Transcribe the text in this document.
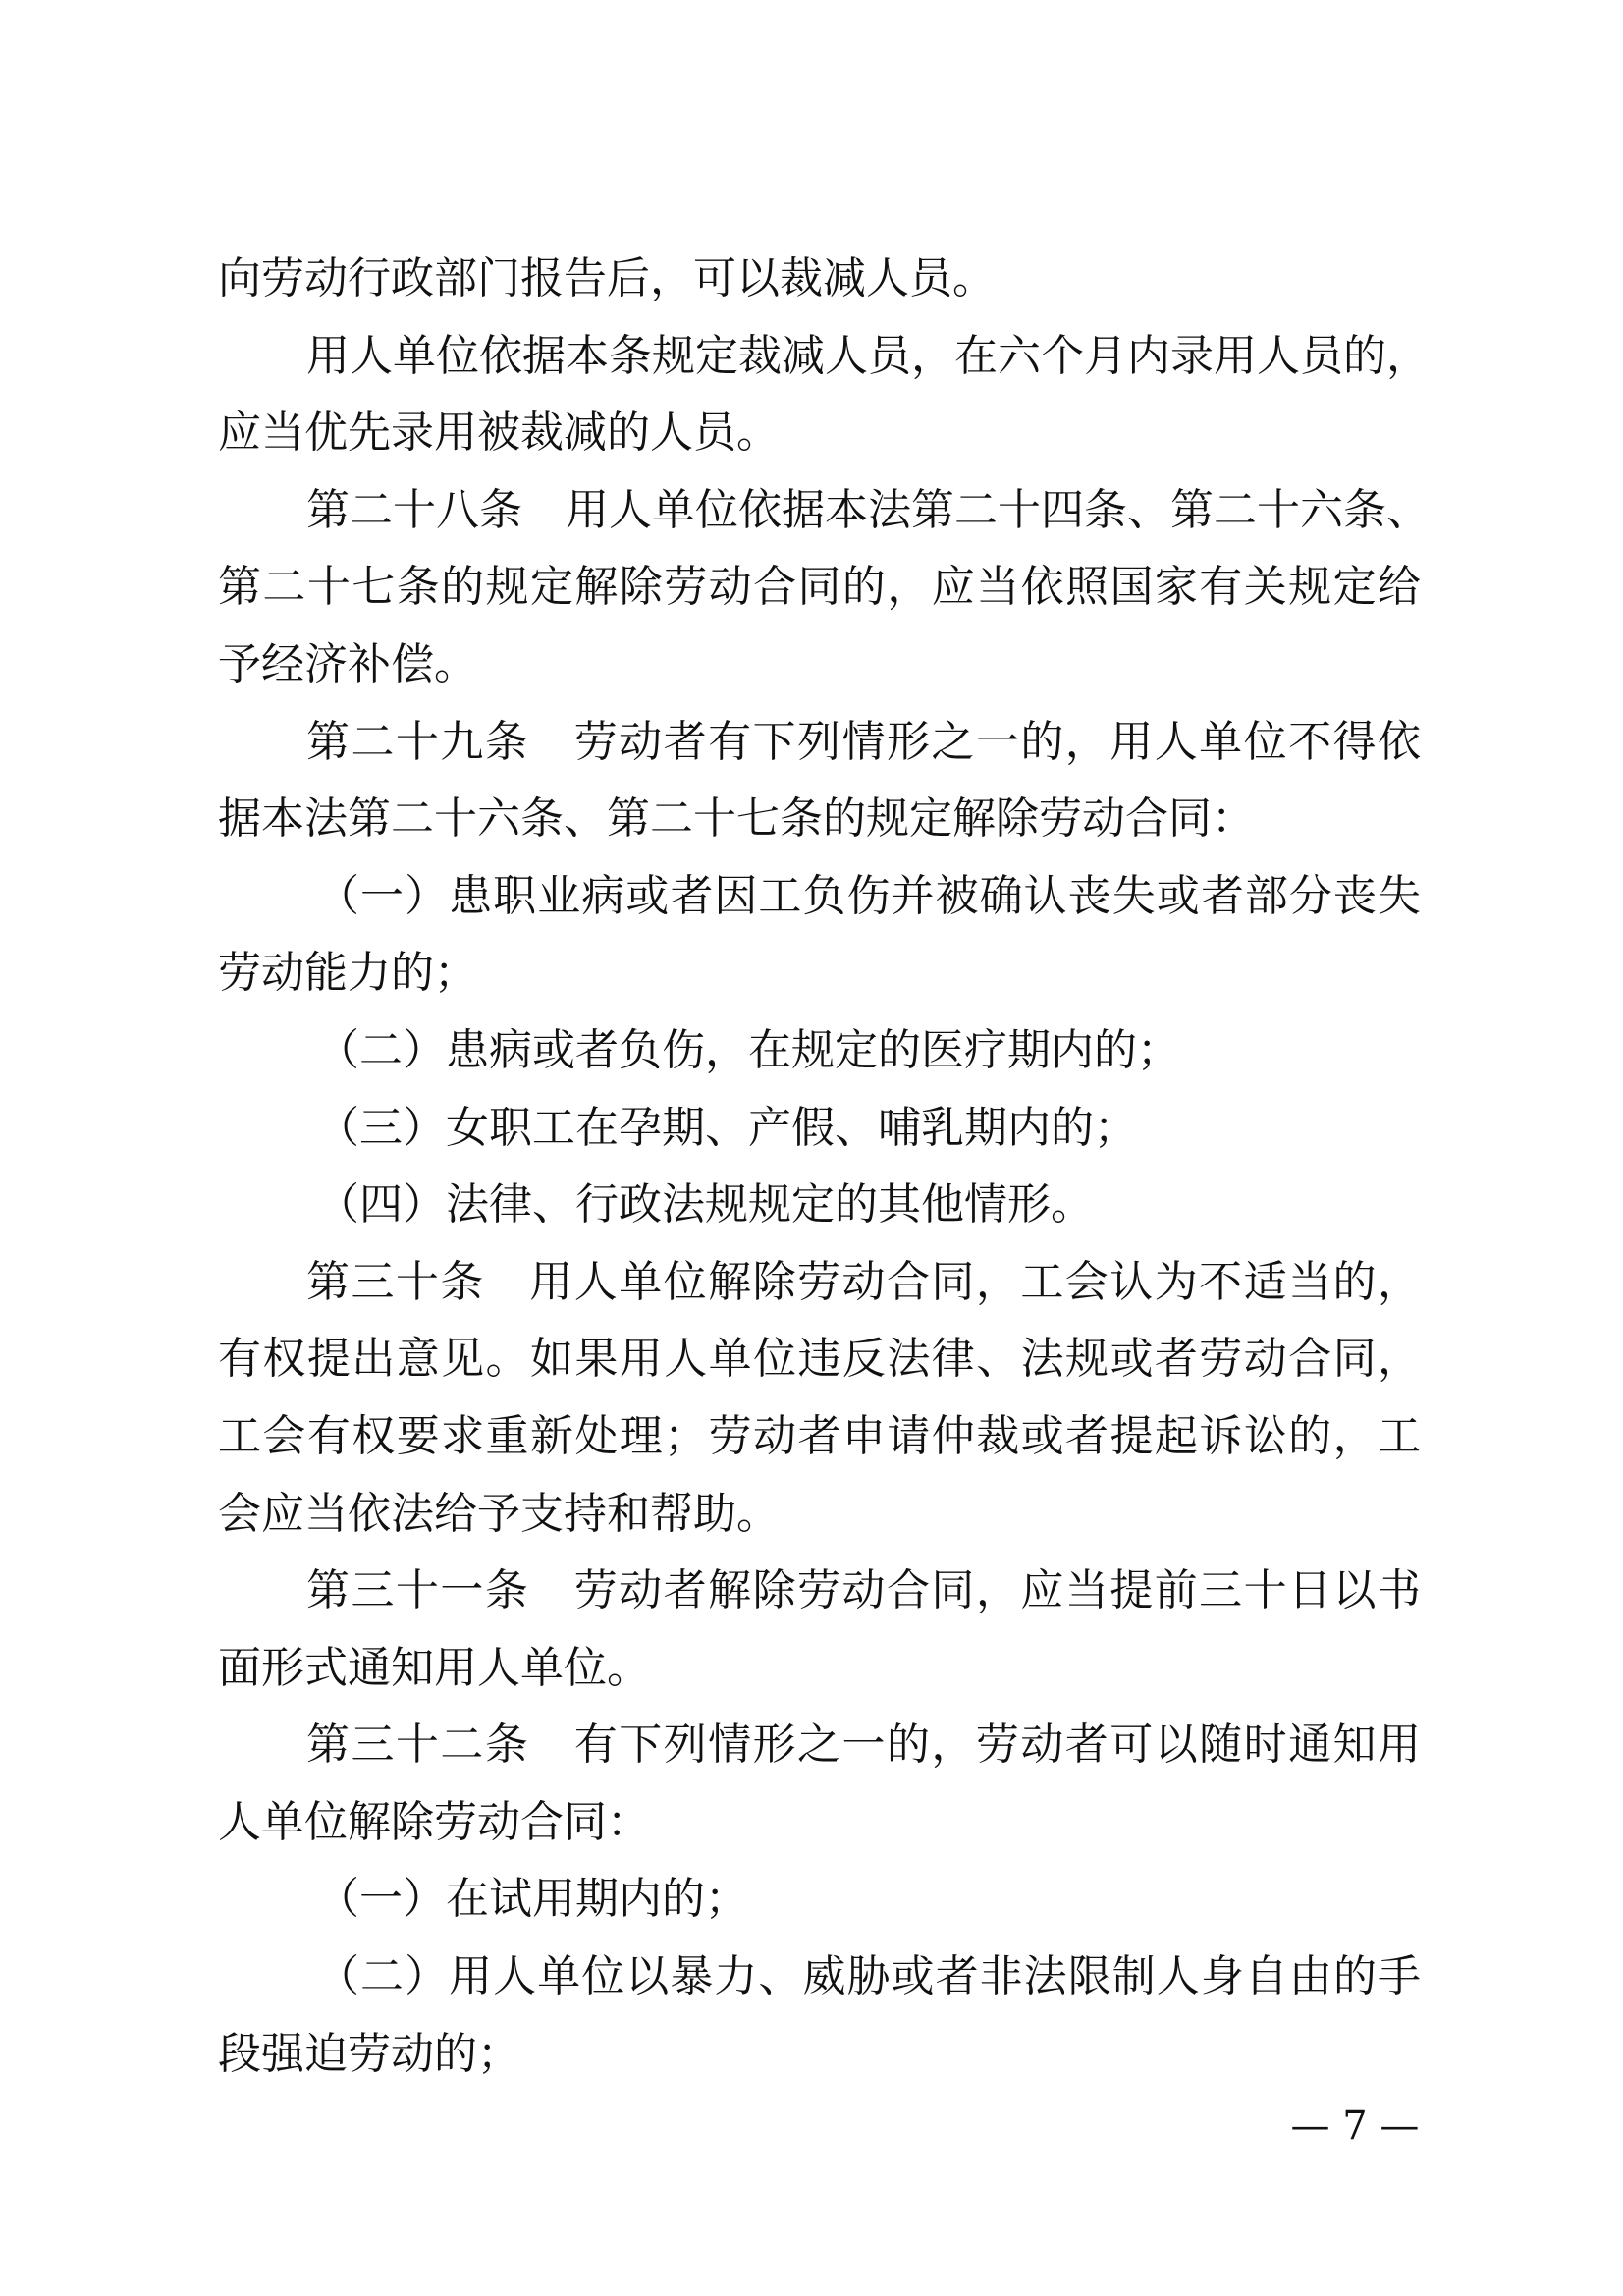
向劳动行政部门报告后，可以裁减人员。
用人单位依据本条规定裁减人员，在六个月内录用人员的，
应当优先录用被裁减的人员。
第二十八条　用人单位依据本法第二十四条、第二十六条、
第二十七条的规定解除劳动合同的，应当依照国家有关规定给
予经济补偿。
第二十九条　劳动者有下列情形之一的，用人单位不得依
据本法第二十六条、第二十七条的规定解除劳动合同：
（一）患职业病或者因工负伤并被确认丧失或者部分丧失
劳动能力的；
（二）患病或者负伤，在规定的医疗期内的；
（三）女职工在孕期、产假、哺乳期内的；
（四）法律、行政法规规定的其他情形。
第三十条　用人单位解除劳动合同，工会认为不适当的，
有权提出意见。如果用人单位违反法律、法规或者劳动合同，
工会有权要求重新处理；劳动者申请仲裁或者提起诉讼的，工
会应当依法给予支持和帮助。
第三十一条　劳动者解除劳动合同，应当提前三十日以书
面形式通知用人单位。
第三十二条　有下列情形之一的，劳动者可以随时通知用
人单位解除劳动合同：
（一）在试用期内的；
（二）用人单位以暴力、威胁或者非法限制人身自由的手
段强迫劳动的；
— 7 —
